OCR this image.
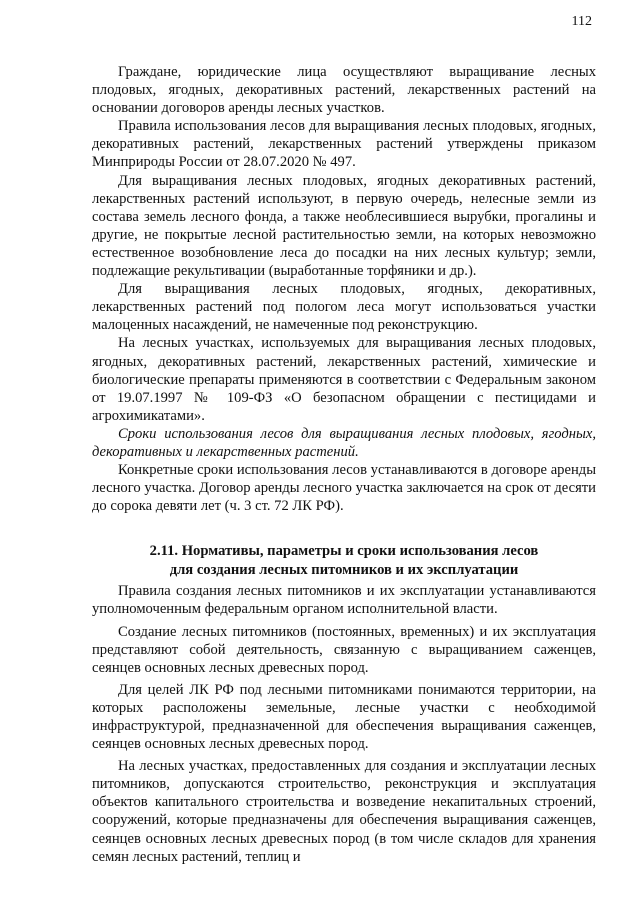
112

Граждане, юридические лица осуществляют выращивание лесных плодовых, ягодных, декоративных растений, лекарственных растений на основании договоров аренды лесных участков.

Правила использования лесов для выращивания лесных плодовых, ягодных, декоративных растений, лекарственных растений утверждены приказом Минприроды России от 28.07.2020 № 497.

Для выращивания лесных плодовых, ягодных декоративных растений, лекарственных растений используют, в первую очередь, нелесные земли из состава земель лесного фонда, а также необлесившиеся вырубки, прогалины и другие, не покрытые лесной растительностью земли, на которых невозможно естественное возобновление леса до посадки на них лесных культур; земли, подлежащие рекультивации (выработанные торфяники и др.).

Для выращивания лесных плодовых, ягодных, декоративных, лекарственных растений под пологом леса могут использоваться участки малоценных насаждений, не намеченные под реконструкцию.

На лесных участках, используемых для выращивания лесных плодовых, ягодных, декоративных растений, лекарственных растений, химические и биологические препараты применяются в соответствии с Федеральным законом от 19.07.1997 № 109-ФЗ «О безопасном обращении с пестицидами и агрохимикатами».

Сроки использования лесов для выращивания лесных плодовых, ягодных, декоративных и лекарственных растений.

Конкретные сроки использования лесов устанавливаются в договоре аренды лесного участка. Договор аренды лесного участка заключается на срок от десяти до сорока девяти лет (ч. 3 ст. 72 ЛК РФ).

2.11. Нормативы, параметры и сроки использования лесов
для создания лесных питомников и их эксплуатации

Правила создания лесных питомников и их эксплуатации устанавливаются уполномоченным федеральным органом исполнительной власти.

Создание лесных питомников (постоянных, временных) и их эксплуатация представляют собой деятельность, связанную с выращиванием саженцев, сеянцев основных лесных древесных пород.

Для целей ЛК РФ под лесными питомниками понимаются территории, на которых расположены земельные, лесные участки с необходимой инфраструктурой, предназначенной для обеспечения выращивания саженцев, сеянцев основных лесных древесных пород.

На лесных участках, предоставленных для создания и эксплуатации лесных питомников, допускаются строительство, реконструкция и эксплуатация объектов капитального строительства и возведение некапитальных строений, сооружений, которые предназначены для обеспечения выращивания саженцев, сеянцев основных лесных древесных пород (в том числе складов для хранения семян лесных растений, теплиц и
